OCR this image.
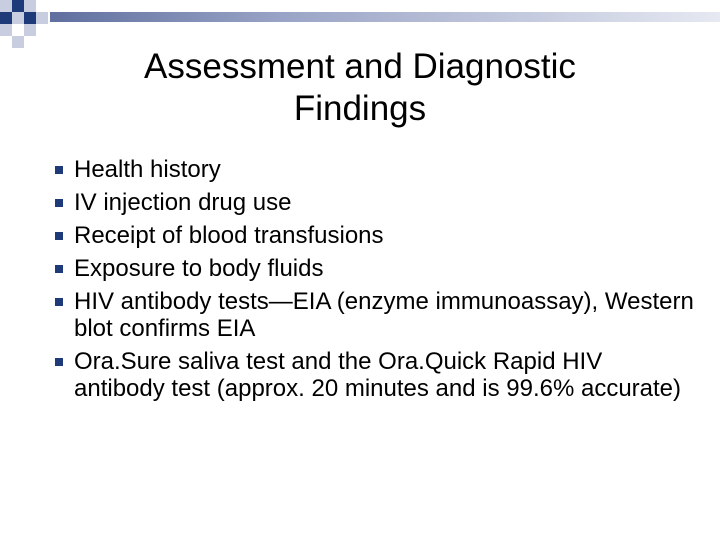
Assessment and Diagnostic
Findings
Health history
IV injection drug use
Receipt of blood transfusions
Exposure to body fluids
HIV antibody tests—EIA (enzyme immunoassay), Western blot confirms EIA
Ora.Sure saliva test and the Ora.Quick Rapid HIV antibody test (approx. 20 minutes and is 99.6% accurate)
